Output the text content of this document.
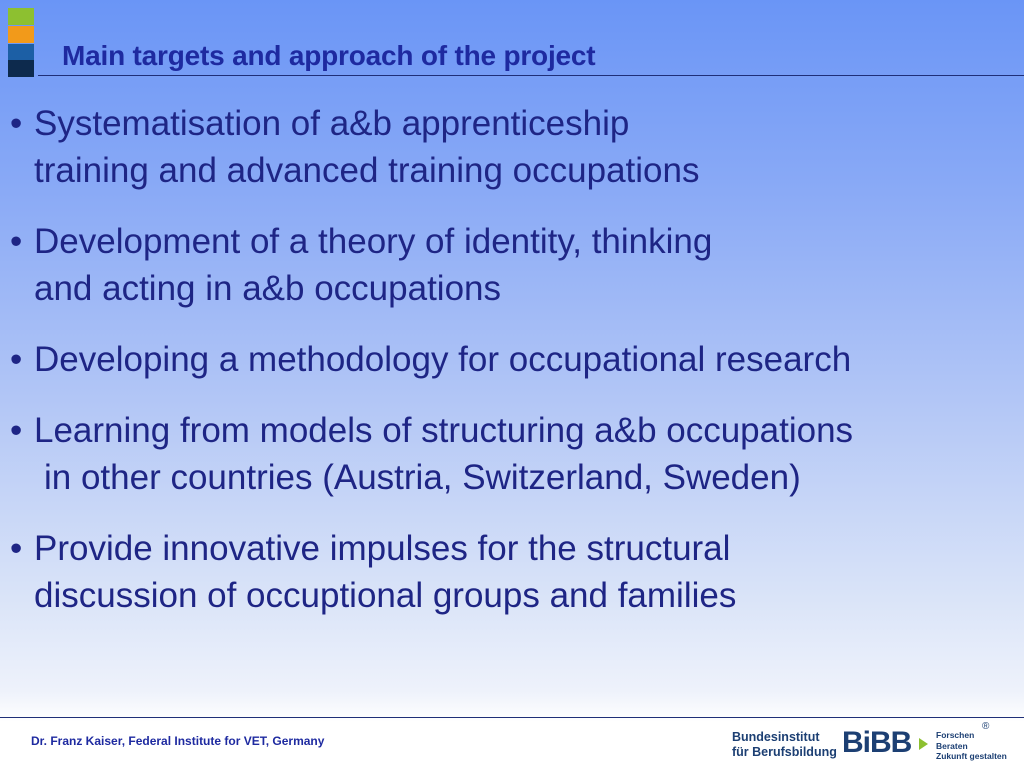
Main targets and approach of the project
• Systematisation of a&b apprenticeship
training and advanced training occupations
• Development of a theory of identity, thinking
and acting in a&b occupations
• Developing a methodology for occupational research
• Learning from models of structuring a&b occupations
in other countries (Austria, Switzerland, Sweden)
• Provide innovative impulses for the structural
discussion of occuptional groups and families
Dr. Franz Kaiser, Federal Institute for VET, Germany	Bundesinstitut
für Berufsbildung BiBB	Forschen
Beraten
Zukunft gestalten
®
